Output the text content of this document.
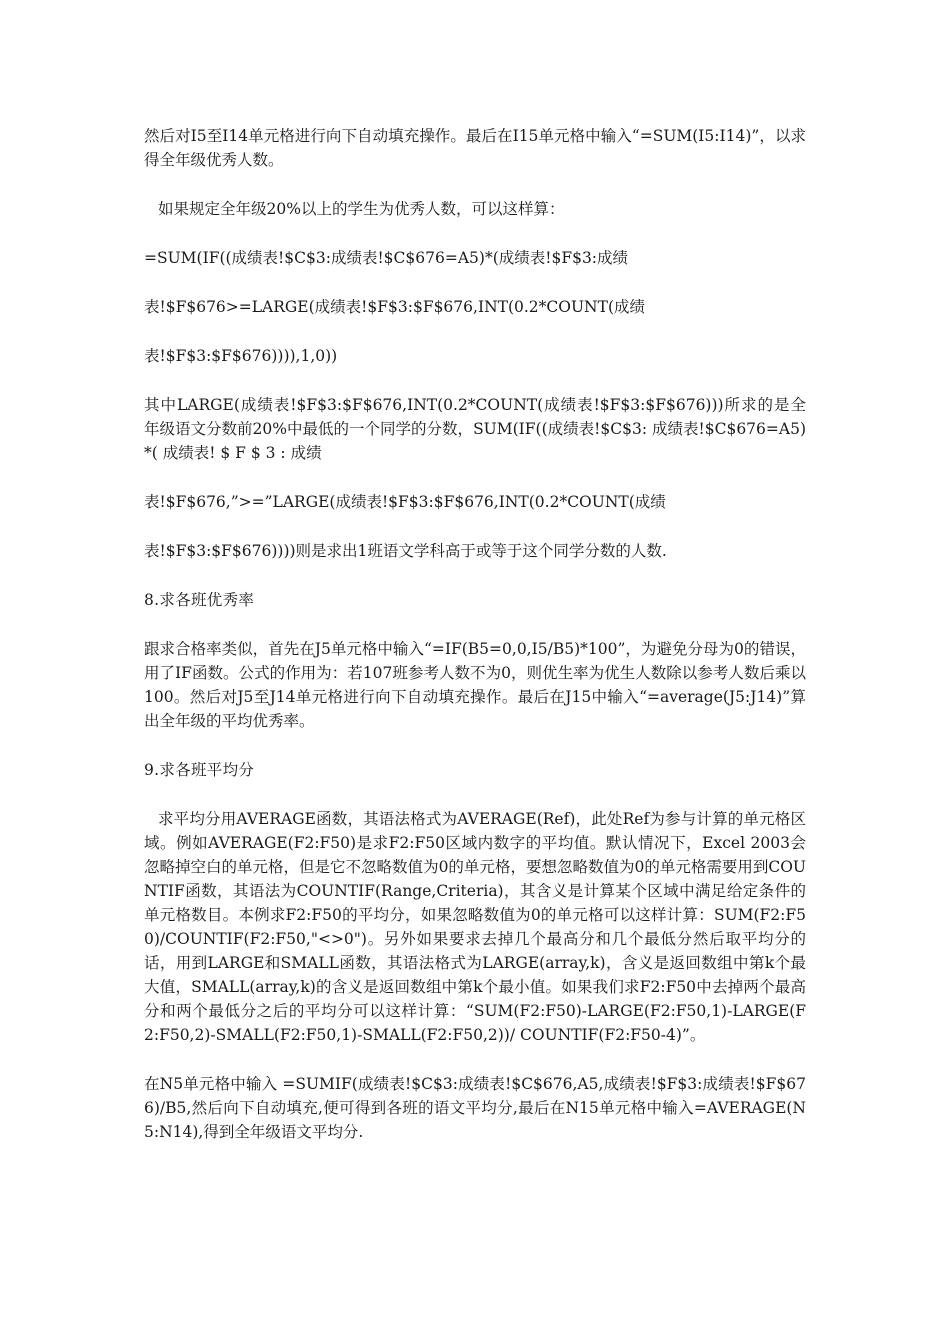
然后对I5至I14单元格进行向下自动填充操作。最后在I15单元格中输入“=SUM(I5:I14)”，以求得全年级优秀人数。

如果规定全年级20%以上的学生为优秀人数，可以这样算：

=SUM(IF((成绩表!$C$3:成绩表!$C$676=A5)*(成绩表!$F$3:成绩

表!$F$676>=LARGE(成绩表!$F$3:$F$676,INT(0.2*COUNT(成绩

表!$F$3:$F$676)))),1,0))

其中LARGE(成绩表!$F$3:$F$676,INT(0.2*COUNT(成绩表!$F$3:$F$676)))所求的是全年级语文分数前20%中最低的一个同学的分数，SUM(IF((成绩表!$C$3: 成绩表!$C$676=A5)*( 成绩表! $ F $ 3 : 成绩

表!$F$676,”>=”LARGE(成绩表!$F$3:$F$676,INT(0.2*COUNT(成绩

表!$F$3:$F$676))))则是求出1班语文学科高于或等于这个同学分数的人数.

8.求各班优秀率

跟求合格率类似，首先在J5单元格中输入“=IF(B5=0,0,I5/B5)*100”，为避免分母为0的错误，用了IF函数。公式的作用为：若107班参考人数不为0，则优生率为优生人数除以参考人数后乘以100。然后对J5至J14单元格进行向下自动填充操作。最后在J15中输入“=average(J5:J14)”算出全年级的平均优秀率。

9.求各班平均分

求平均分用AVERAGE函数，其语法格式为AVERAGE(Ref)，此处Ref为参与计算的单元格区域。例如AVERAGE(F2:F50)是求F2:F50区域内数字的平均值。默认情况下，Excel 2003会忽略掉空白的单元格，但是它不忽略数值为0的单元格，要想忽略数值为0的单元格需要用到COUNTIF函数，其语法为COUNTIF(Range,Criteria)，其含义是计算某个区域中满足给定条件的单元格数目。本例求F2:F50的平均分，如果忽略数值为0的单元格可以这样计算：SUM(F2:F50)/COUNTIF(F2:F50,"<>0")。另外如果要求去掉几个最高分和几个最低分然后取平均分的话，用到LARGE和SMALL函数，其语法格式为LARGE(array,k)，含义是返回数组中第k个最大值，SMALL(array,k)的含义是返回数组中第k个最小值。如果我们求F2:F50中去掉两个最高分和两个最低分之后的平均分可以这样计算：“SUM(F2:F50)-LARGE(F2:F50,1)-LARGE(F2:F50,2)-SMALL(F2:F50,1)-SMALL(F2:F50,2))/ COUNTIF(F2:F50-4)”。

在N5单元格中输入 =SUMIF(成绩表!$C$3:成绩表!$C$676,A5,成绩表!$F$3:成绩表!$F$676)/B5,然后向下自动填充,便可得到各班的语文平均分,最后在N15单元格中输入=AVERAGE(N5:N14),得到全年级语文平均分.
